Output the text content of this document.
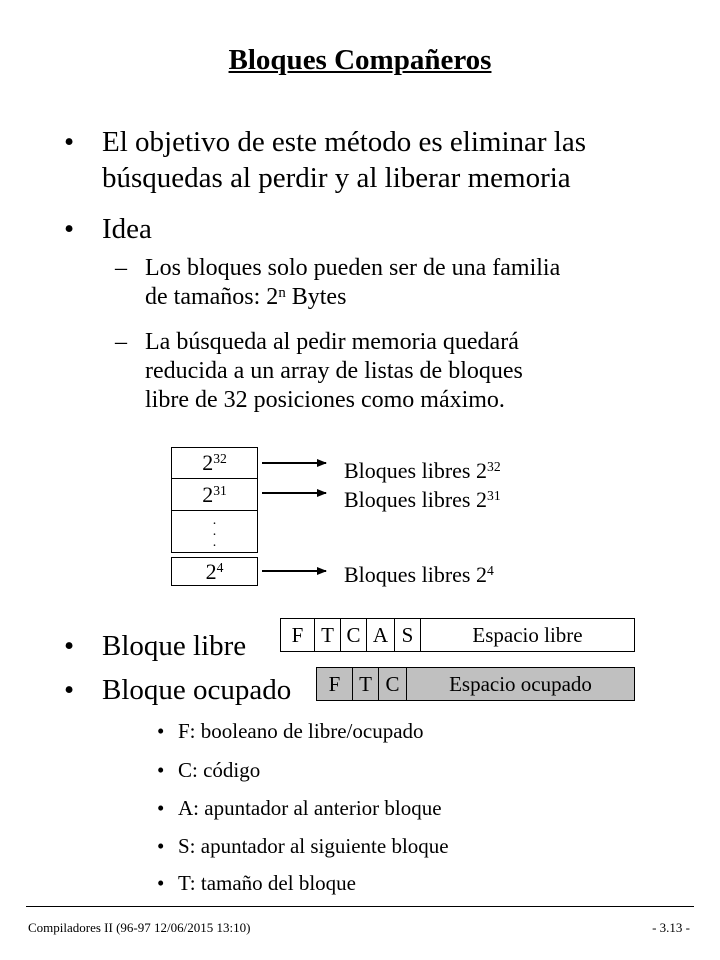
Bloques Compañeros
• El objetivo de este método es eliminar las
búsquedas al perdir y al liberar memoria
• Idea
– Los bloques solo pueden ser de una familia
de tamaños: 2$^n$ Bytes
– La búsqueda al pedir memoria quedará
reducida a un array de listas de bloques
libre de 32 posiciones como máximo.
$2^{32}$
$2^{31}$
.
.
.
$2^4$
Bloques libres $2^{32}$
Bloques libres $2^{31}$
Bloques libres $2^4$
• Bloque libre
• Bloque ocupado
F T C A S	Espacio libre
F T C	Espacio ocupado
• F: booleano de libre/ocupado
• C: código
• A: apuntador al anterior bloque
• S: apuntador al siguiente bloque
• T: tamaño del bloque
Compiladores II (96-97 12/06/2015 13:10)	- 3.13 -
